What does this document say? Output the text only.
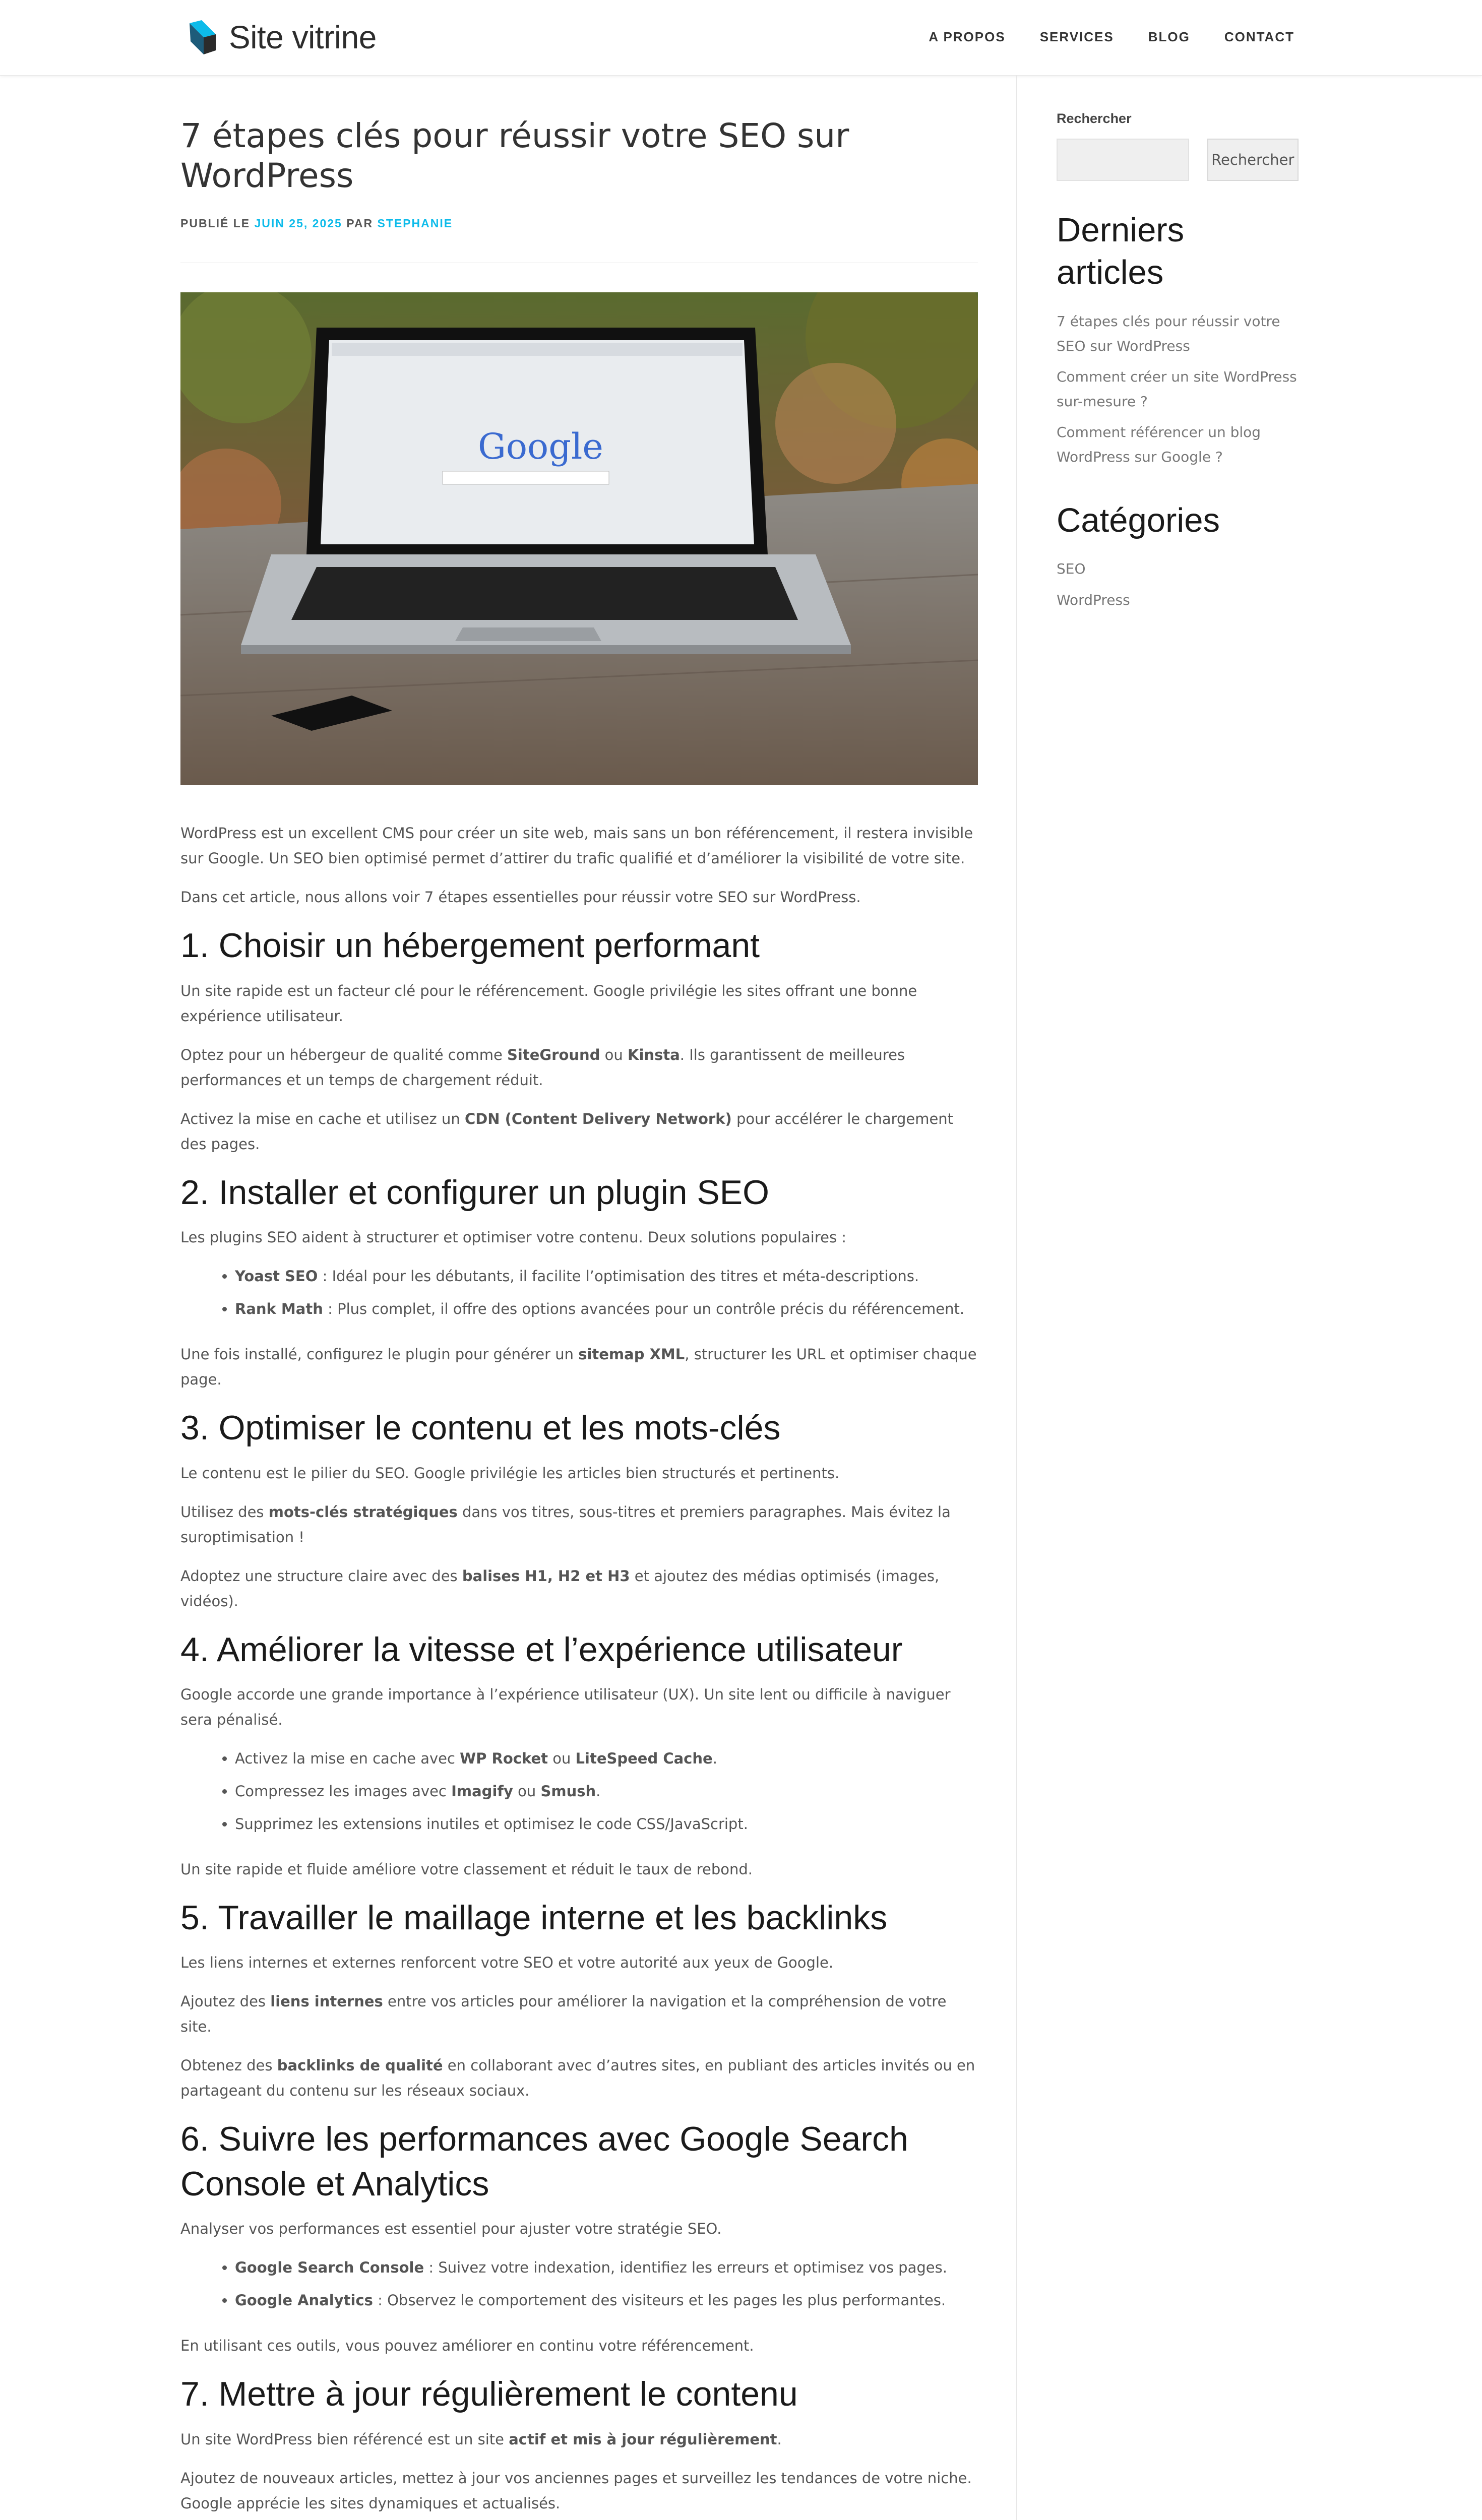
Site vitrine	A PROPOS	SERVICES	BLOG	CONTACT
7 étapes clés pour réussir votre SEO sur WordPress
PUBLIÉ LE JUIN 25, 2025 PAR STEPHANIE
Google

WordPress est un excellent CMS pour créer un site web, mais sans un bon référencement, il restera invisible sur Google. Un SEO bien optimisé permet d’attirer du trafic qualifié et d’améliorer la visibilité de votre site.

Dans cet article, nous allons voir 7 étapes essentielles pour réussir votre SEO sur WordPress.

1. Choisir un hébergement performant

Un site rapide est un facteur clé pour le référencement. Google privilégie les sites offrant une bonne expérience utilisateur.

Optez pour un hébergeur de qualité comme SiteGround ou Kinsta. Ils garantissent de meilleures performances et un temps de chargement réduit.

Activez la mise en cache et utilisez un CDN (Content Delivery Network) pour accélérer le chargement des pages.

2. Installer et configurer un plugin SEO

Les plugins SEO aident à structurer et optimiser votre contenu. Deux solutions populaires :

• Yoast SEO : Idéal pour les débutants, il facilite l’optimisation des titres et méta-descriptions.
• Rank Math : Plus complet, il offre des options avancées pour un contrôle précis du référencement.

Une fois installé, configurez le plugin pour générer un sitemap XML, structurer les URL et optimiser chaque page.

3. Optimiser le contenu et les mots-clés

Le contenu est le pilier du SEO. Google privilégie les articles bien structurés et pertinents.

Utilisez des mots-clés stratégiques dans vos titres, sous-titres et premiers paragraphes. Mais évitez la suroptimisation !

Adoptez une structure claire avec des balises H1, H2 et H3 et ajoutez des médias optimisés (images, vidéos).

4. Améliorer la vitesse et l’expérience utilisateur

Google accorde une grande importance à l’expérience utilisateur (UX). Un site lent ou difficile à naviguer sera pénalisé.

• Activez la mise en cache avec WP Rocket ou LiteSpeed Cache.
• Compressez les images avec Imagify ou Smush.
• Supprimez les extensions inutiles et optimisez le code CSS/JavaScript.

Un site rapide et fluide améliore votre classement et réduit le taux de rebond.

5. Travailler le maillage interne et les backlinks

Les liens internes et externes renforcent votre SEO et votre autorité aux yeux de Google.

Ajoutez des liens internes entre vos articles pour améliorer la navigation et la compréhension de votre site.

Obtenez des backlinks de qualité en collaborant avec d’autres sites, en publiant des articles invités ou en partageant du contenu sur les réseaux sociaux.

6. Suivre les performances avec Google Search Console et Analytics

Analyser vos performances est essentiel pour ajuster votre stratégie SEO.

• Google Search Console : Suivez votre indexation, identifiez les erreurs et optimisez vos pages.
• Google Analytics : Observez le comportement des visiteurs et les pages les plus performantes.

En utilisant ces outils, vous pouvez améliorer en continu votre référencement.

7. Mettre à jour régulièrement le contenu

Un site WordPress bien référencé est un site actif et mis à jour régulièrement.

Ajoutez de nouveaux articles, mettez à jour vos anciennes pages et surveillez les tendances de votre niche. Google apprécie les sites dynamiques et actualisés.

Rechercher
Rechercher
Derniers articles
7 étapes clés pour réussir votre SEO sur WordPress
Comment créer un site WordPress sur-mesure ?
Comment référencer un blog WordPress sur Google ?
Catégories
SEO
WordPress
